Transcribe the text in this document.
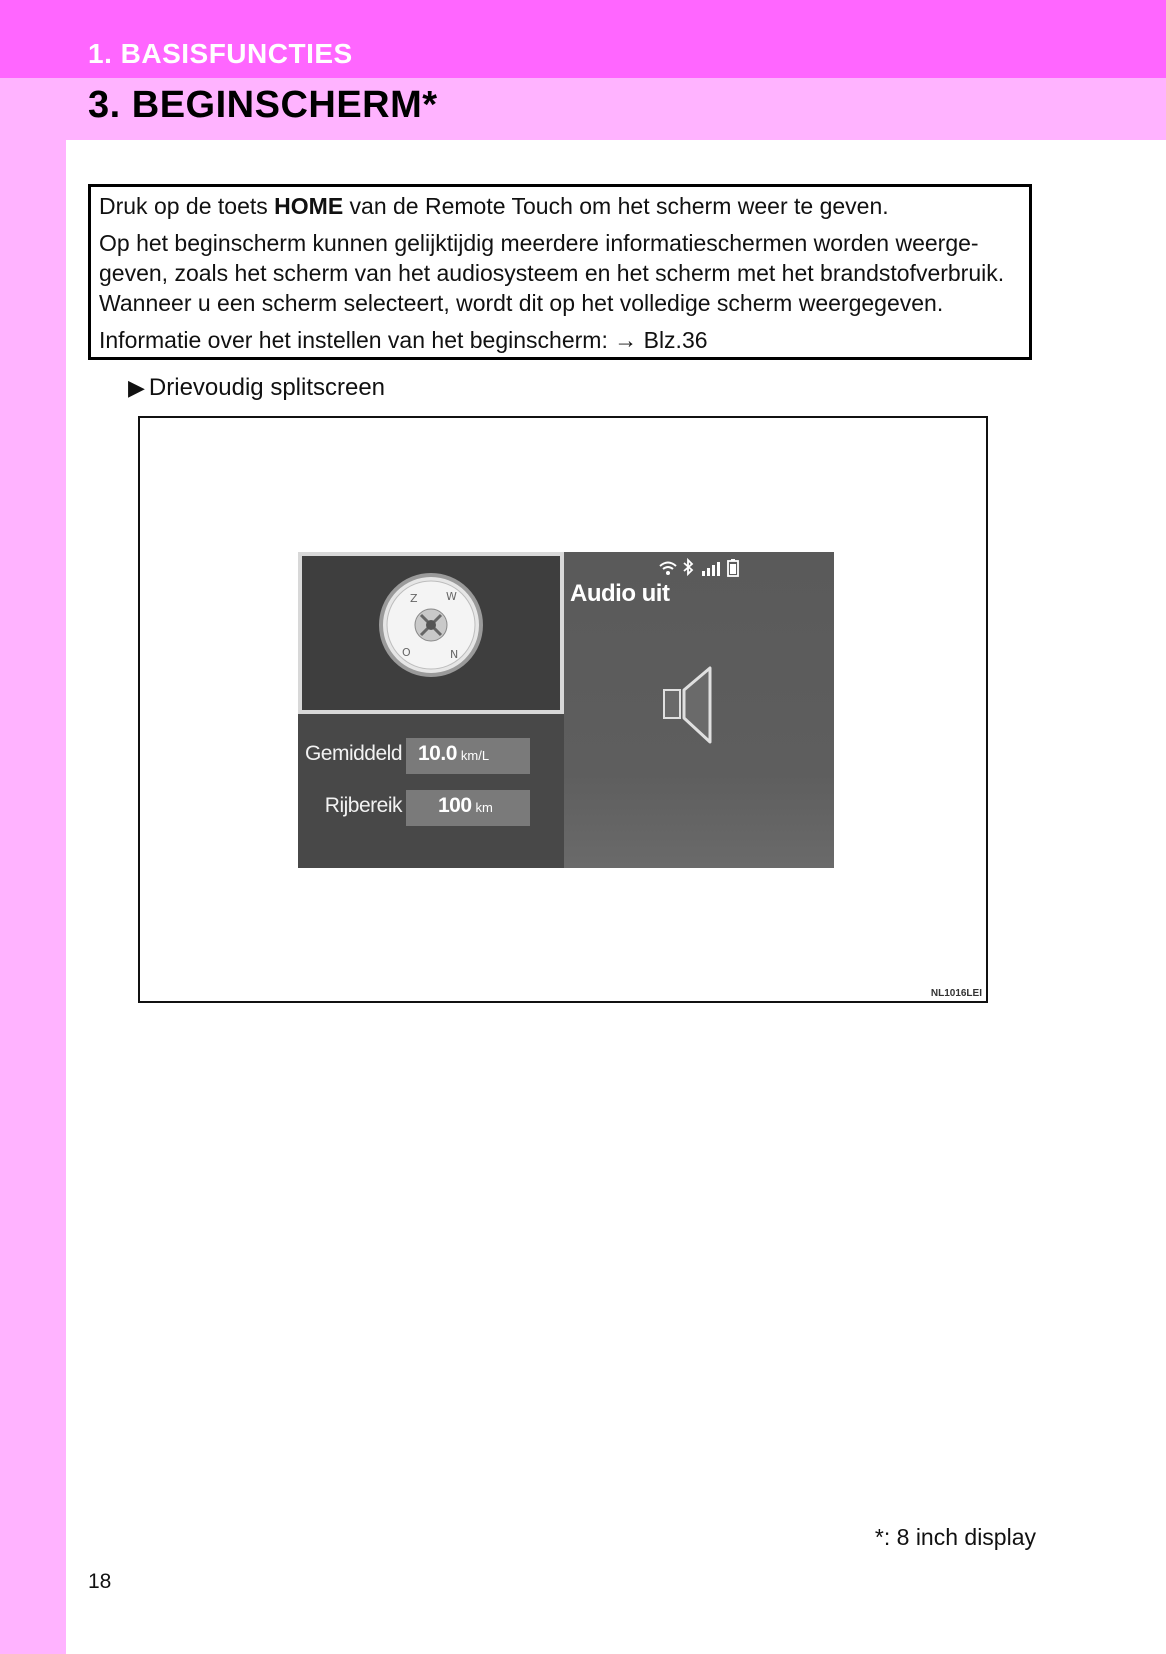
1. BASISFUNCTIES
3. BEGINSCHERM*

Druk op de toets HOME van de Remote Touch om het scherm weer te geven.

Op het beginscherm kunnen gelijktijdig meerdere informatieschermen worden weerge-geven, zoals het scherm van het audiosysteem en het scherm met het brandstofverbruik. Wanneer u een scherm selecteert, wordt dit op het volledige scherm weergegeven.

Informatie over het instellen van het beginscherm: → Blz.36

▶ Drievoudig splitscreen
Z	W
O	N
Gemiddeld 10.0 km/L
Rijbereik	100 km
Audio uit
NL1016LEI
*: 8 inch display
18
